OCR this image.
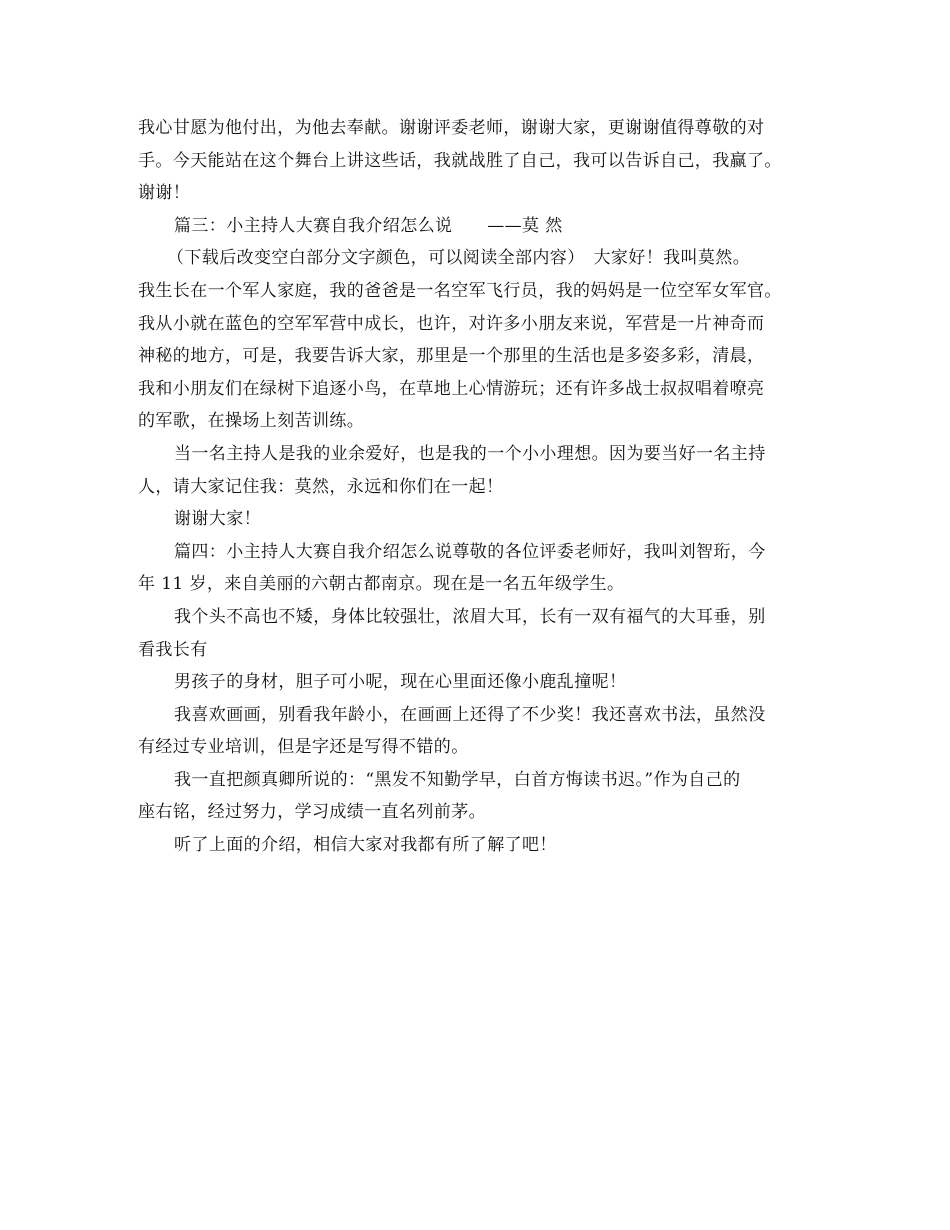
我心甘愿为他付出，为他去奉献。谢谢评委老师，谢谢大家，更谢谢值得尊敬的对
手。今天能站在这个舞台上讲这些话，我就战胜了自己，我可以告诉自己，我赢了。
谢谢！
篇三：小主持人大赛自我介绍怎么说　　——莫 然
（下载后改变空白部分文字颜色，可以阅读全部内容）　大家好！我叫莫然。
我生长在一个军人家庭，我的爸爸是一名空军飞行员，我的妈妈是一位空军女军官。
我从小就在蓝色的空军军营中成长，也许，对许多小朋友来说，军营是一片神奇而
神秘的地方，可是，我要告诉大家，那里是一个那里的生活也是多姿多彩，清晨，
我和小朋友们在绿树下追逐小鸟，在草地上心情游玩；还有许多战士叔叔唱着嘹亮
的军歌，在操场上刻苦训练。
当一名主持人是我的业余爱好，也是我的一个小小理想。因为要当好一名主持
人，请大家记住我：莫然，永远和你们在一起！
谢谢大家！
篇四：小主持人大赛自我介绍怎么说尊敬的各位评委老师好，我叫刘智珩，今
年 11 岁，来自美丽的六朝古都南京。现在是一名五年级学生。
我个头不高也不矮，身体比较强壮，浓眉大耳，长有一双有福气的大耳垂，别
看我长有
男孩子的身材，胆子可小呢，现在心里面还像小鹿乱撞呢！
我喜欢画画，别看我年龄小，在画画上还得了不少奖！我还喜欢书法，虽然没
有经过专业培训，但是字还是写得不错的。
我一直把颜真卿所说的：“黑发不知勤学早，白首方悔读书迟。”作为自己的
座右铭，经过努力，学习成绩一直名列前茅。
听了上面的介绍，相信大家对我都有所了解了吧！
